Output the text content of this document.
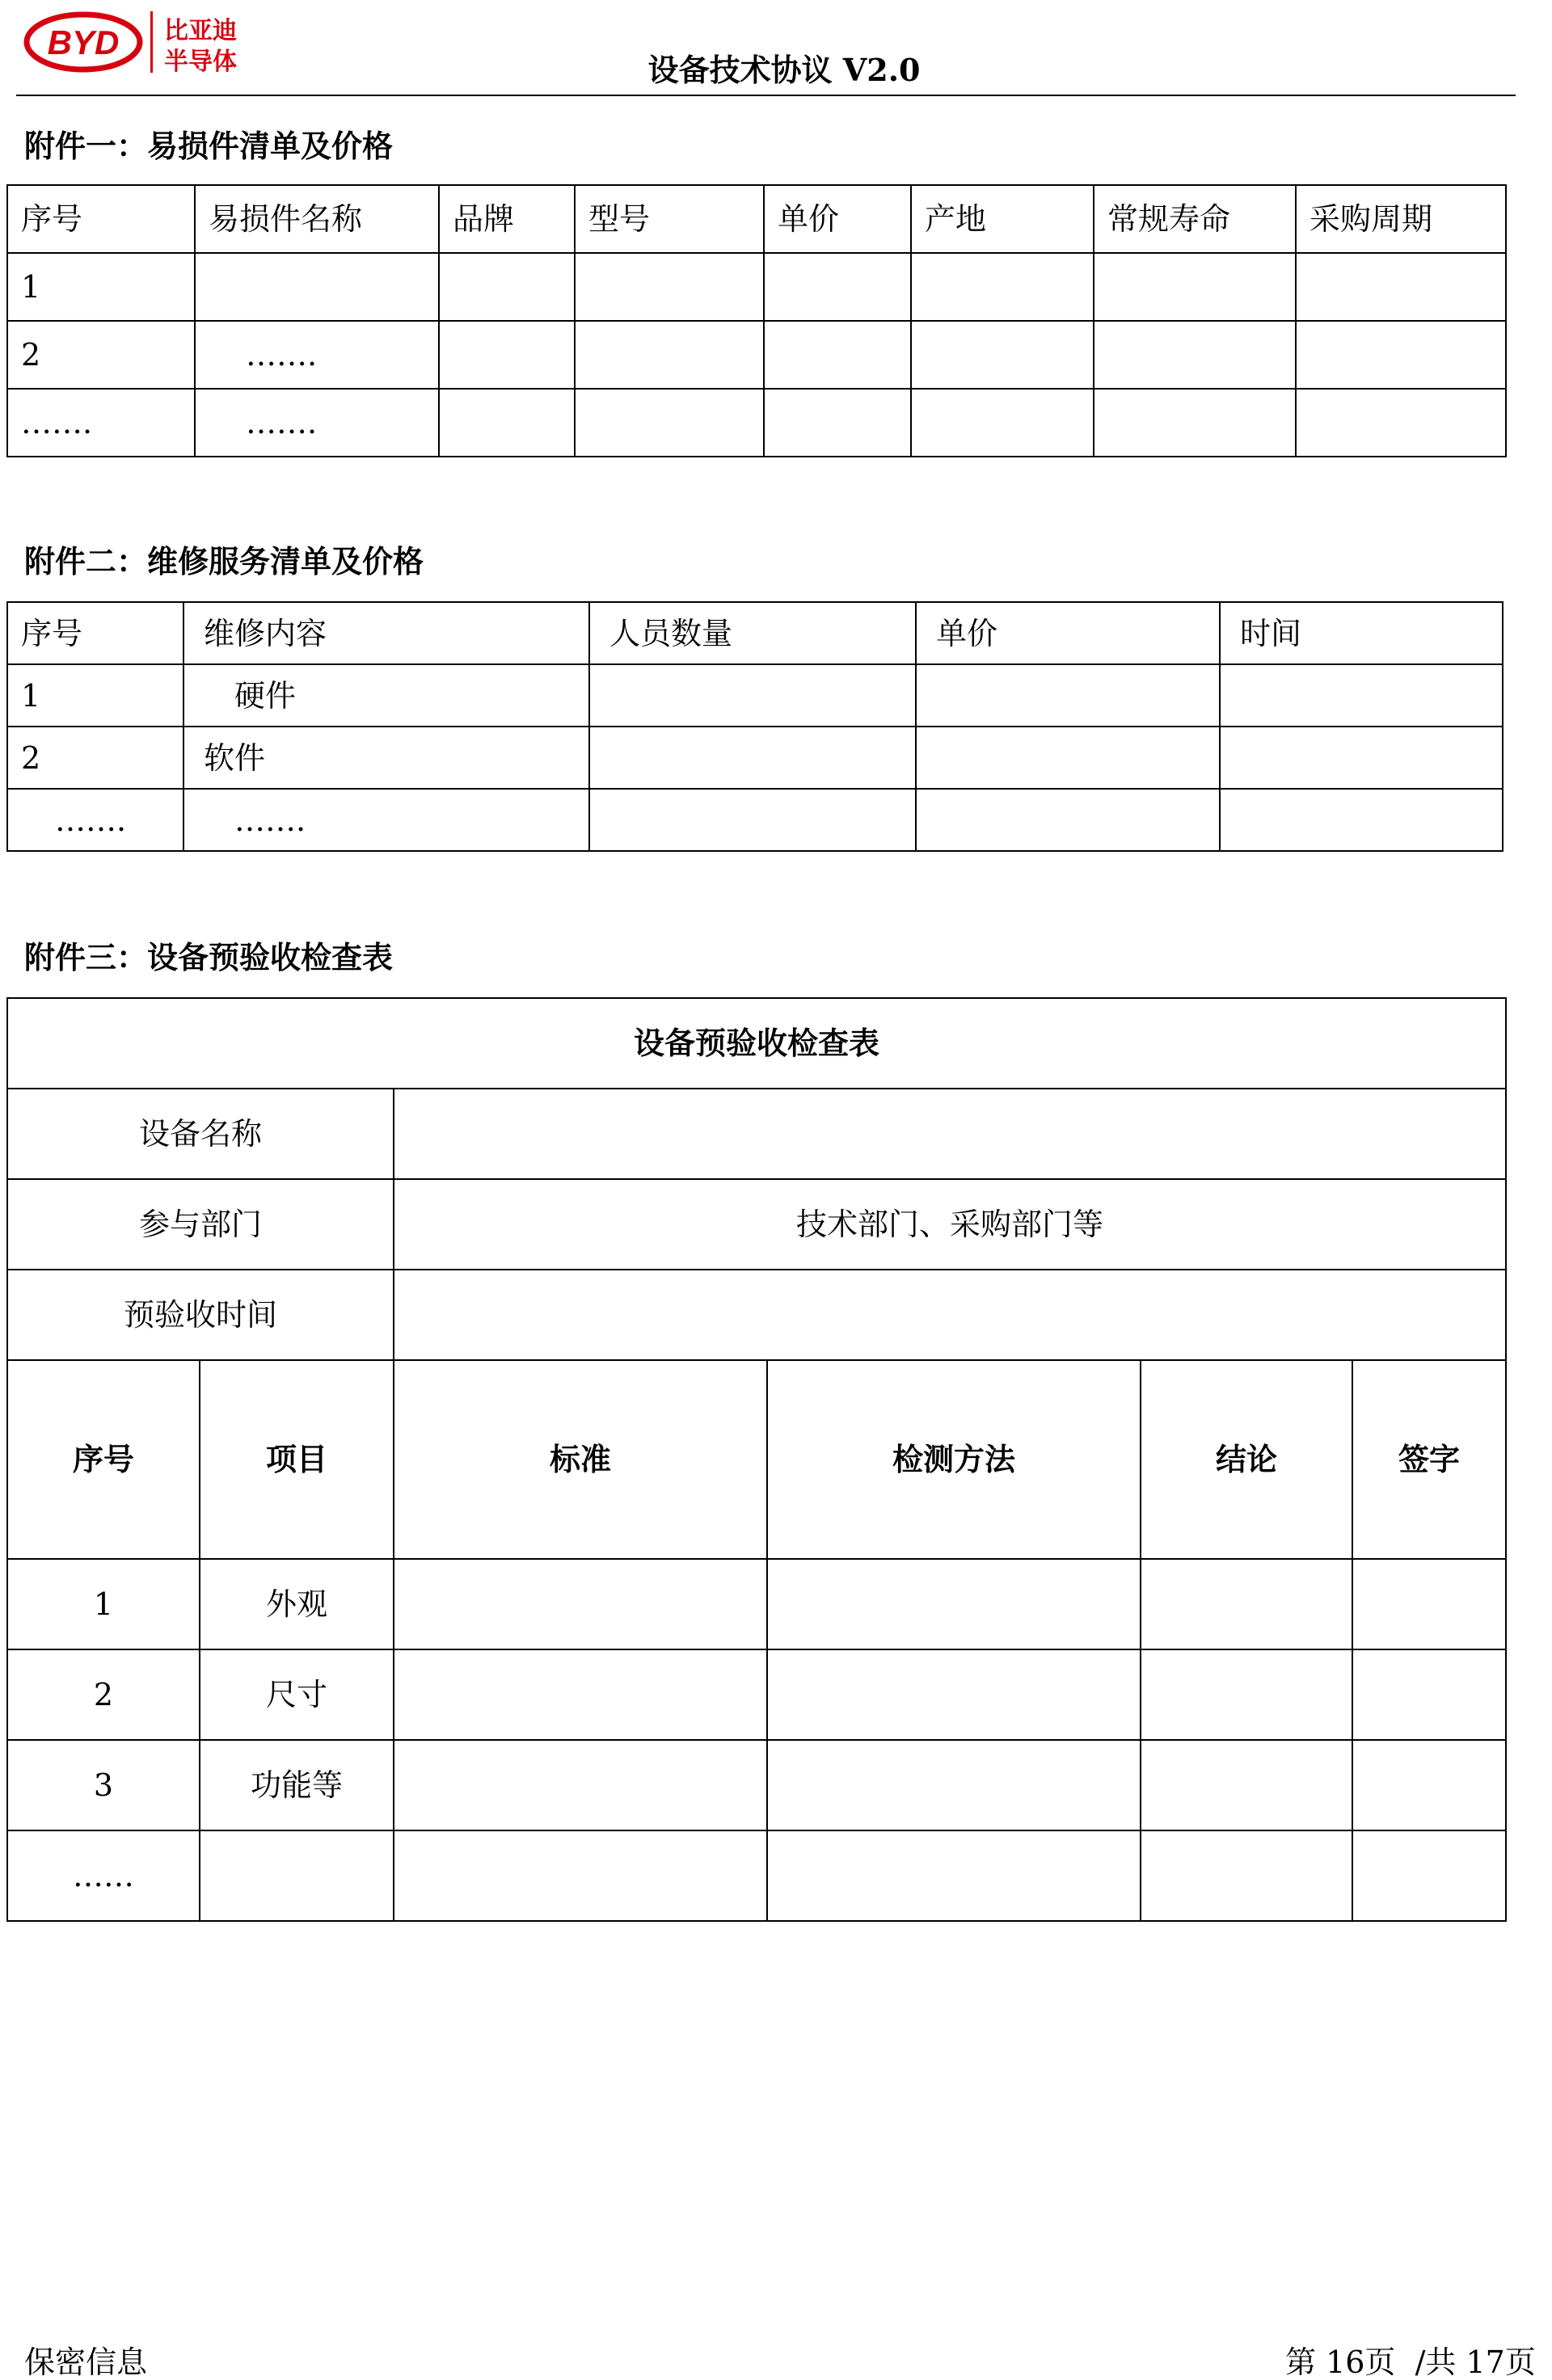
BYD 比亚迪
半导体	设备技术协议 V2.0
附件一：易损件清单及价格
序号	易损件名称	品牌	型号	单价	产地	常规寿命	采购周期
1							
2	…….						
…….	…….						
附件二：维修服务清单及价格
序号	维修内容	人员数量	单价	时间
1	硬件			
2	软件			
…….	…….			
附件三：设备预验收检查表
设备预验收检查表					
设备名称					
参与部门		技术部门、采购部门等			
预验收时间					
序号	项目	标准	检测方法	结论	签字
1	外观				
2	尺寸				
3	功能等				
……					
保密信息	第 16页  /共 17页
